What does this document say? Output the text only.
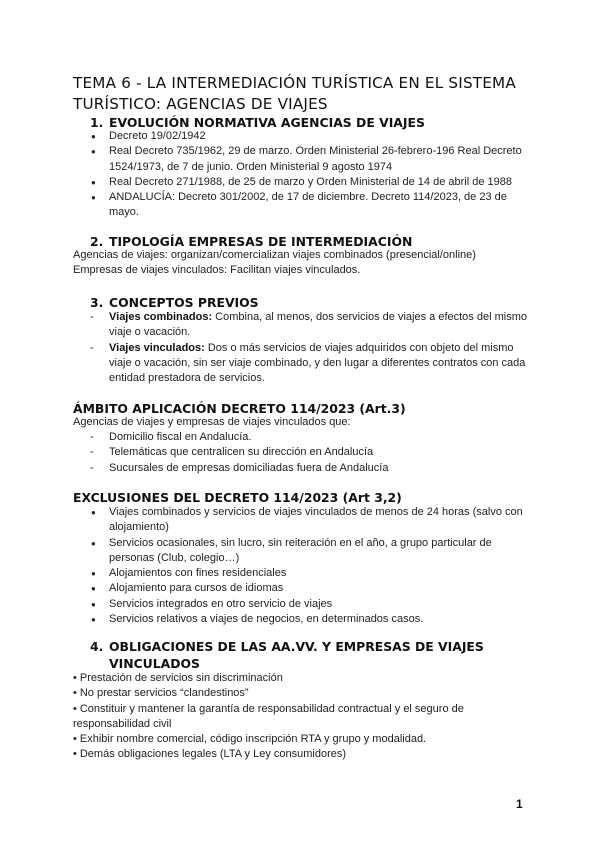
TEMA 6 - LA INTERMEDIACIÓN TURÍSTICA EN EL SISTEMA TURÍSTICO: AGENCIAS DE VIAJES
1. EVOLUCIÓN NORMATIVA AGENCIAS DE VIAJES
● Decreto 19/02/1942
● Real Decreto 735/1962, 29 de marzo. Orden Ministerial 26-febrero-196 Real Decreto 1524/1973, de 7 de junio. Orden Ministerial 9 agosto 1974
● Real Decreto 271/1988, de 25 de marzo y Orden Ministerial de 14 de abril de 1988
● ANDALUCÍA: Decreto 301/2002, de 17 de diciembre. Decreto 114/2023, de 23 de mayo.
2. TIPOLOGÍA EMPRESAS DE INTERMEDIACIÓN
Agencias de viajes: organizan/comercializan viajes combinados (presencial/online)
Empresas de viajes vinculados: Facilitan viajes vinculados.
3. CONCEPTOS PREVIOS
- Viajes combinados: Combina, al menos, dos servicios de viajes a efectos del mismo viaje o vacación.
- Viajes vinculados: Dos o más servicios de viajes adquiridos con objeto del mismo viaje o vacación, sin ser viaje combinado, y den lugar a diferentes contratos con cada entidad prestadora de servicios.
ÁMBITO APLICACIÓN DECRETO 114/2023 (Art.3)
Agencias de viajes y empresas de viajes vinculados que:
- Domicilio fiscal en Andalucía.
- Telemáticas que centralicen su dirección en Andalucía
- Sucursales de empresas domiciliadas fuera de Andalucía
EXCLUSIONES DEL DECRETO 114/2023 (Art 3,2)
● Viajes combinados y servicios de viajes vinculados de menos de 24 horas (salvo con alojamiento)
● Servicios ocasionales, sin lucro, sin reiteración en el año, a grupo particular de personas (Club, colegio…)
● Alojamientos con fines residenciales
● Alojamiento para cursos de idiomas
● Servicios integrados en otro servicio de viajes
● Servicios relativos a viajes de negocios, en determinados casos.
4. OBLIGACIONES DE LAS AA.VV. Y EMPRESAS DE VIAJES VINCULADOS
• Prestación de servicios sin discriminación
• No prestar servicios “clandestinos”
• Constituir y mantener la garantía de responsabilidad contractual y el seguro de responsabilidad civil
• Exhibir nombre comercial, código inscripción RTA y grupo y modalidad.
• Demás obligaciones legales (LTA y Ley consumidores)
1
